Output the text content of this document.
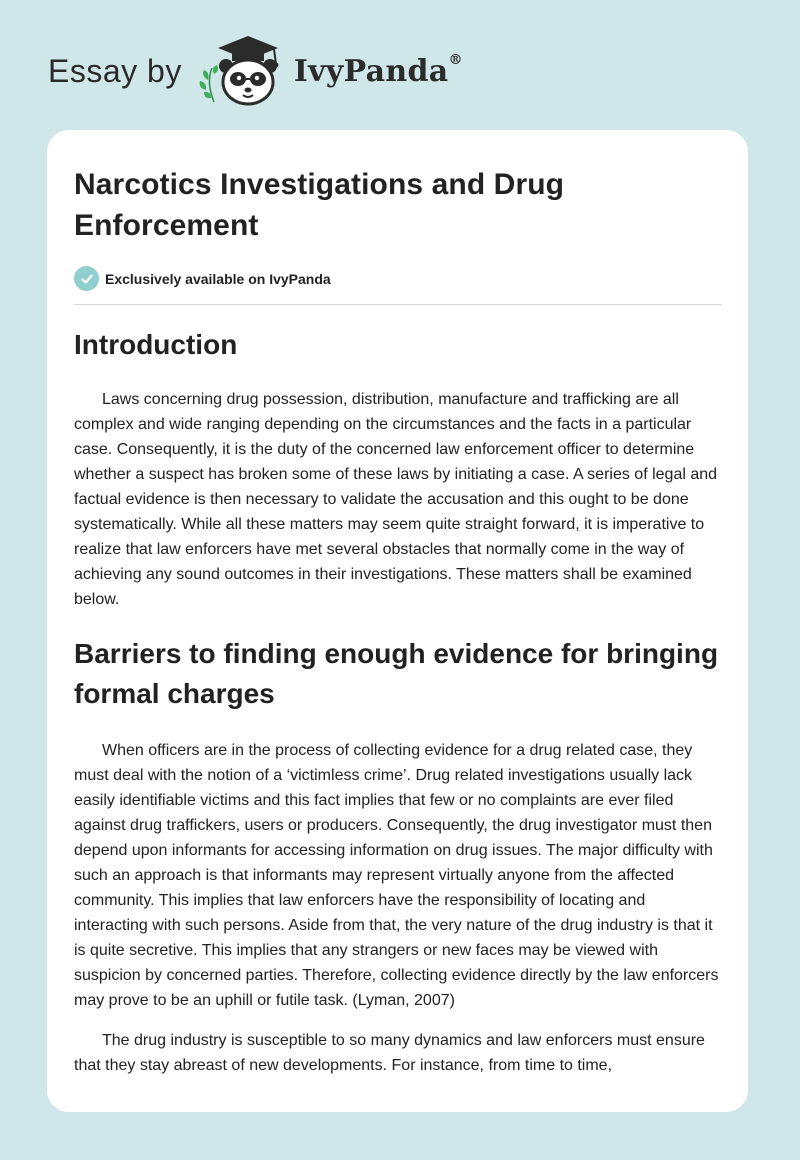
Essay by	IvyPanda®
Narcotics Investigations and Drug Enforcement
Exclusively available on IvyPanda
Introduction

Laws concerning drug possession, distribution, manufacture and trafficking are all complex and wide ranging depending on the circumstances and the facts in a particular case. Consequently, it is the duty of the concerned law enforcement officer to determine whether a suspect has broken some of these laws by initiating a case. A series of legal and factual evidence is then necessary to validate the accusation and this ought to be done systematically. While all these matters may seem quite straight forward, it is imperative to realize that law enforcers have met several obstacles that normally come in the way of achieving any sound outcomes in their investigations. These matters shall be examined below.

Barriers to finding enough evidence for bringing formal charges

When officers are in the process of collecting evidence for a drug related case, they must deal with the notion of a ‘victimless crime’. Drug related investigations usually lack easily identifiable victims and this fact implies that few or no complaints are ever filed against drug traffickers, users or producers. Consequently, the drug investigator must then depend upon informants for accessing information on drug issues. The major difficulty with such an approach is that informants may represent virtually anyone from the affected community. This implies that law enforcers have the responsibility of locating and interacting with such persons. Aside from that, the very nature of the drug industry is that it is quite secretive. This implies that any strangers or new faces may be viewed with suspicion by concerned parties. Therefore, collecting evidence directly by the law enforcers may prove to be an uphill or futile task. (Lyman, 2007)

The drug industry is susceptible to so many dynamics and law enforcers must ensure that they stay abreast of new developments. For instance, from time to time,
